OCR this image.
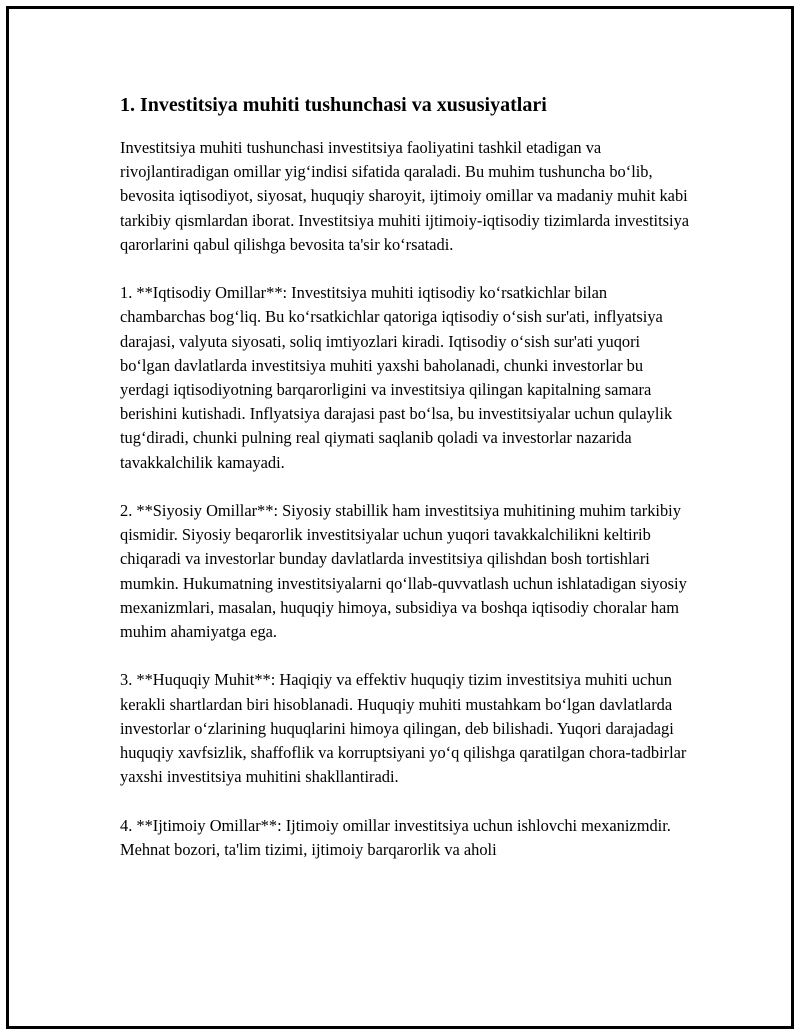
1. Investitsiya muhiti tushunchasi va xususiyatlari

Investitsiya muhiti tushunchasi investitsiya faoliyatini tashkil etadigan va rivojlantiradigan omillar yig‘indisi sifatida qaraladi. Bu muhim tushuncha bo‘lib, bevosita iqtisodiyot, siyosat, huquqiy sharoyit, ijtimoiy omillar va madaniy muhit kabi tarkibiy qismlardan iborat. Investitsiya muhiti ijtimoiy-iqtisodiy tizimlarda investitsiya qarorlarini qabul qilishga bevosita ta'sir ko‘rsatadi.

1. **Iqtisodiy Omillar**: Investitsiya muhiti iqtisodiy ko‘rsatkichlar bilan chambarchas bog‘liq. Bu ko‘rsatkichlar qatoriga iqtisodiy o‘sish sur'ati, inflyatsiya darajasi, valyuta siyosati, soliq imtiyozlari kiradi. Iqtisodiy o‘sish sur'ati yuqori bo‘lgan davlatlarda investitsiya muhiti yaxshi baholanadi, chunki investorlar bu yerdagi iqtisodiyotning barqarorligini va investitsiya qilingan kapitalning samara berishini kutishadi. Inflyatsiya darajasi past bo‘lsa, bu investitsiyalar uchun qulaylik tug‘diradi, chunki pulning real qiymati saqlanib qoladi va investorlar nazarida tavakkalchilik kamayadi.

2. **Siyosiy Omillar**: Siyosiy stabillik ham investitsiya muhitining muhim tarkibiy qismidir. Siyosiy beqarorlik investitsiyalar uchun yuqori tavakkalchilikni keltirib chiqaradi va investorlar bunday davlatlarda investitsiya qilishdan bosh tortishlari mumkin. Hukumatning investitsiyalarni qo‘llab-quvvatlash uchun ishlatadigan siyosiy mexanizmlari, masalan, huquqiy himoya, subsidiya va boshqa iqtisodiy choralar ham muhim ahamiyatga ega.

3. **Huquqiy Muhit**: Haqiqiy va effektiv huquqiy tizim investitsiya muhiti uchun kerakli shartlardan biri hisoblanadi. Huquqiy muhiti mustahkam bo‘lgan davlatlarda investorlar o‘zlarining huquqlarini himoya qilingan, deb bilishadi. Yuqori darajadagi huquqiy xavfsizlik, shaffoflik va korruptsiyani yo‘q qilishga qaratilgan chora-tadbirlar yaxshi investitsiya muhitini shakllantiradi.

4. **Ijtimoiy Omillar**: Ijtimoiy omillar investitsiya uchun ishlovchi mexanizmdir. Mehnat bozori, ta'lim tizimi, ijtimoiy barqarorlik va aholi
